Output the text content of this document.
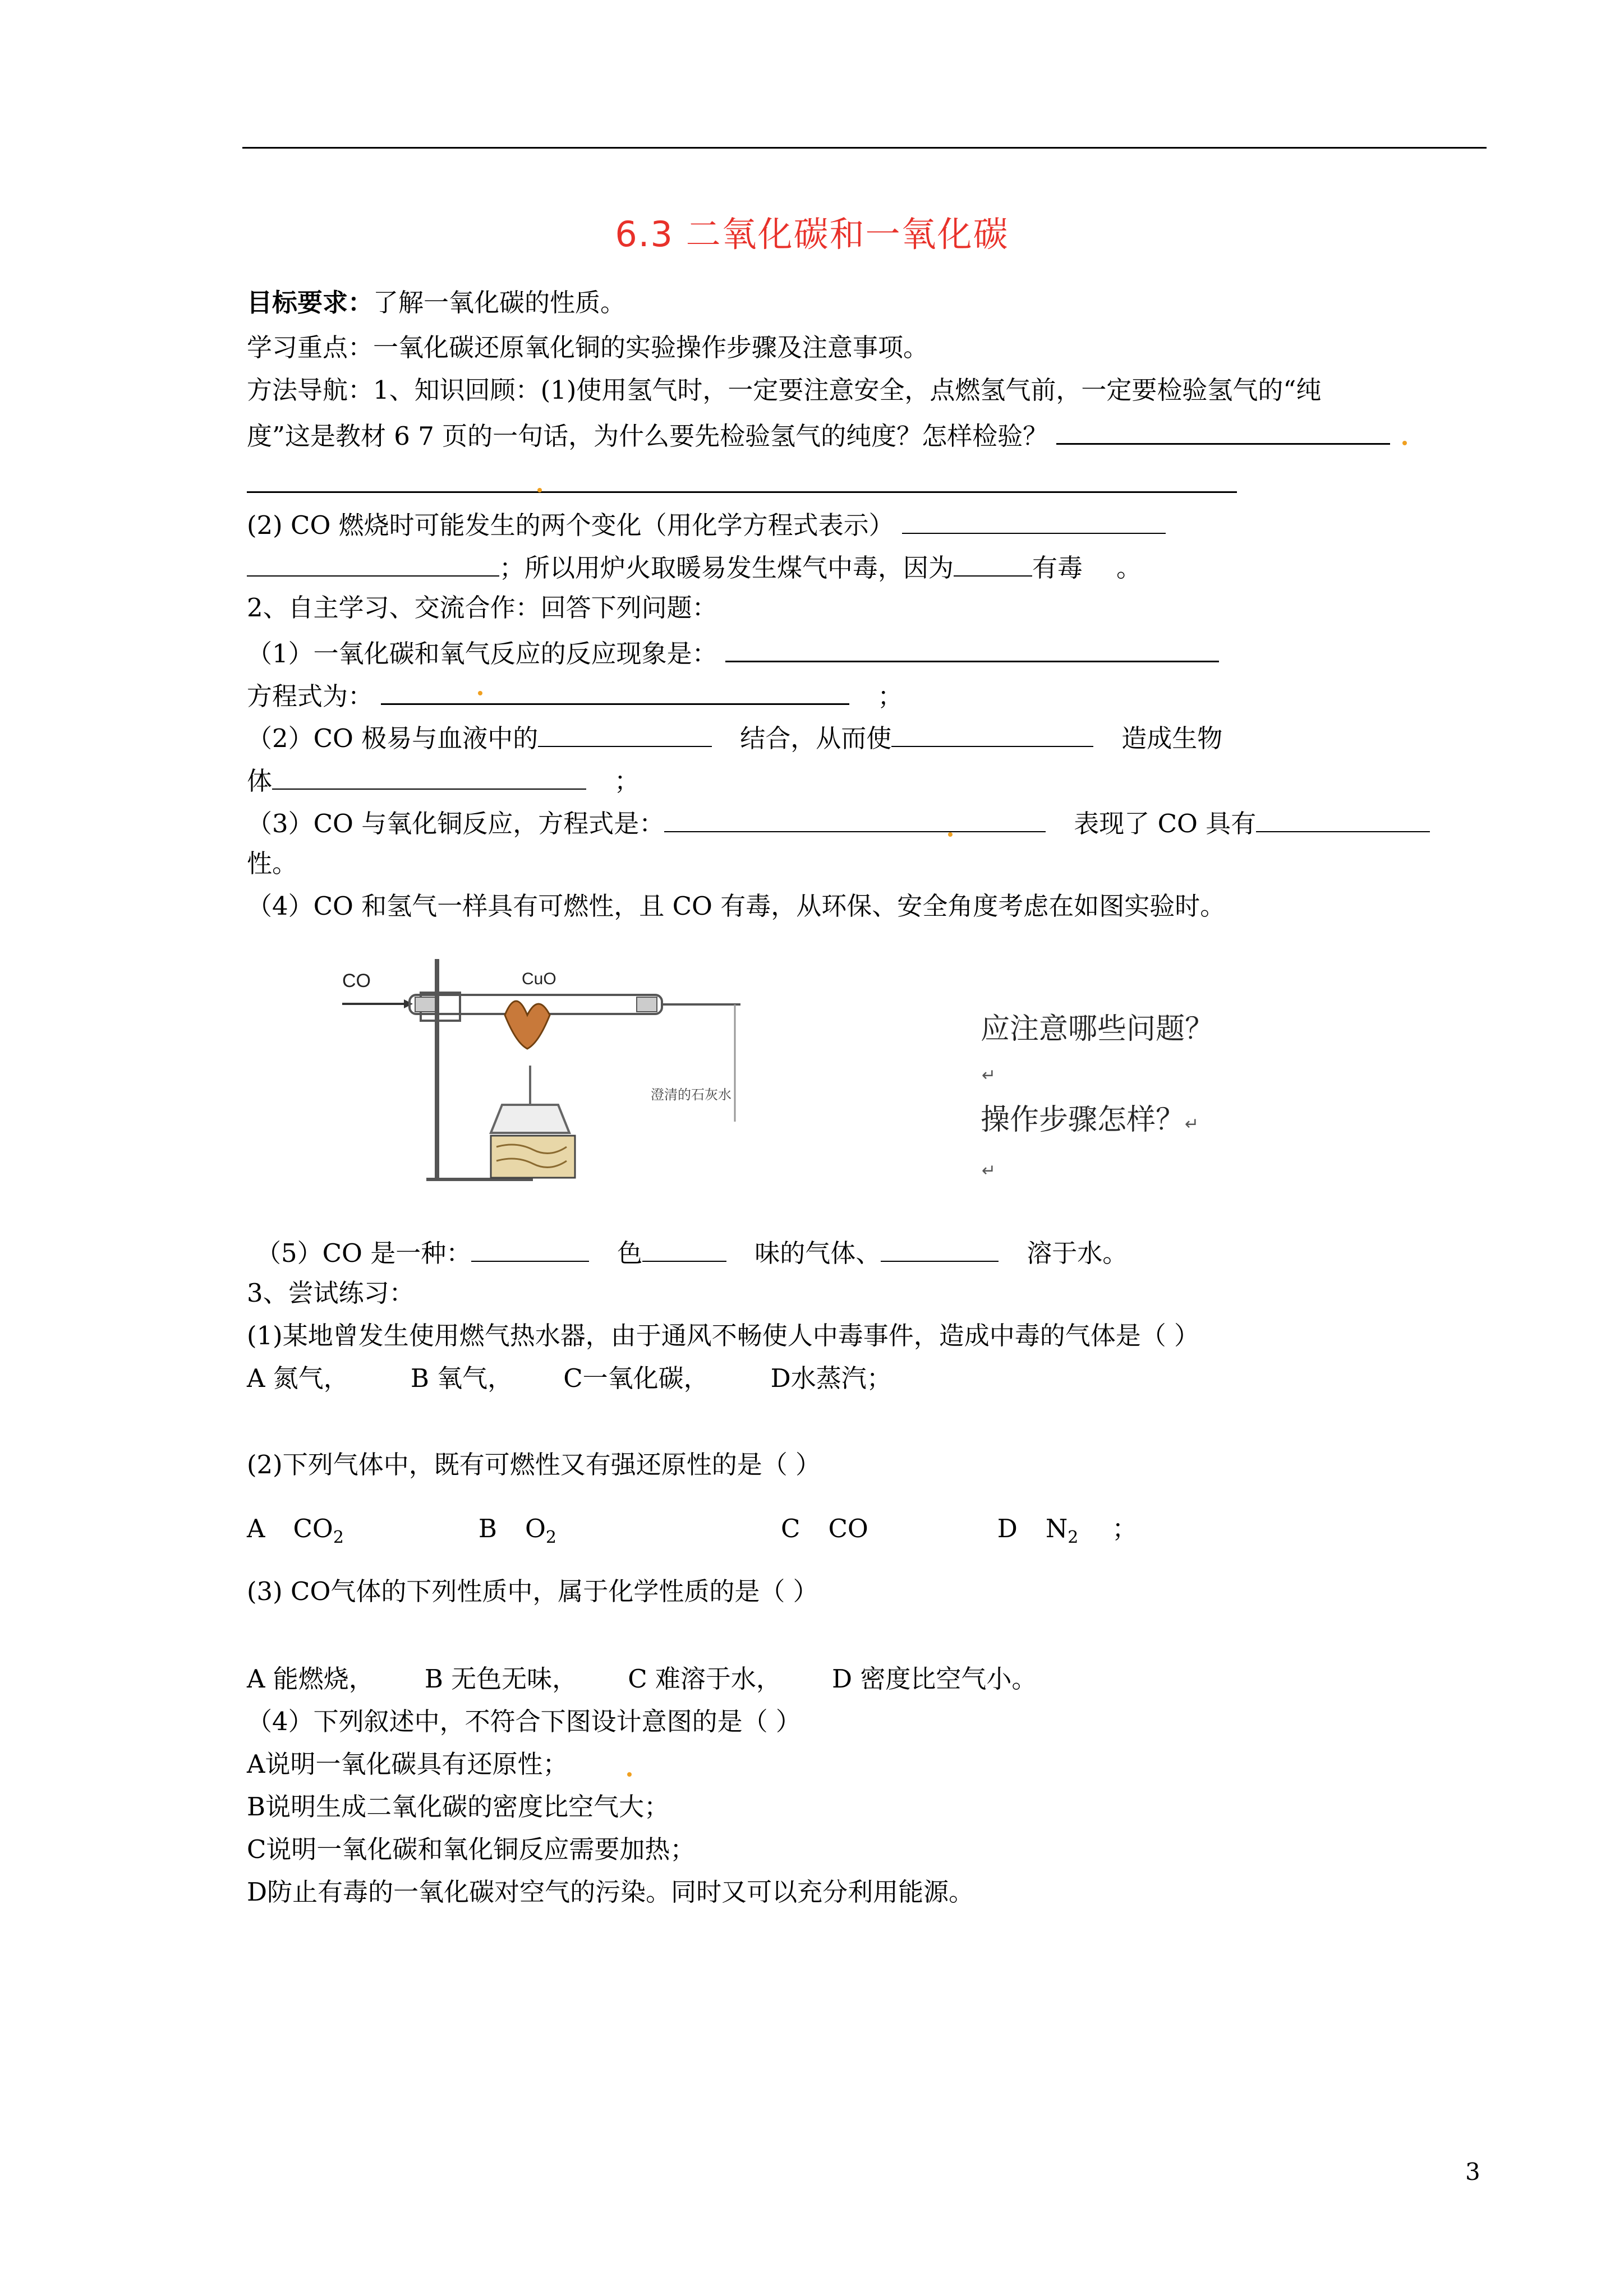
6.3 二氧化碳和一氧化碳
目标要求：了解一氧化碳的性质。
学习重点：一氧化碳还原氧化铜的实验操作步骤及注意事项。
方法导航：1、知识回顾：(1)使用氢气时，一定要注意安全，点燃氢气前，一定要检验氢气的“纯
度”这是教材 6 7 页的一句话，为什么要先检验氢气的纯度？怎样检验？
(2) CO 燃烧时可能发生的两个变化（用化学方程式表示）
；所以用炉火取暖易发生煤气中毒，因为	有毒 。
2、自主学习、交流合作：回答下列问题：
（1）一氧化碳和氧气反应的反应现象是：
方程式为：	；
（2）CO 极易与血液中的	结合，从而使	造成生物
体	；
（3）CO 与氧化铜反应，方程式是：	表现了 CO 具有
性。
（4）CO 和氢气一样具有可燃性，且 CO 有毒，从环保、安全角度考虑在如图实验时。
CO	CuO
澄清的石灰水
应注意哪些问题？
↵
操作步骤怎样？↵
↵
（5）CO 是一种：	色	味的气体、	溶于水。
3、尝试练习：
(1)某地曾发生使用燃气热水器，由于通风不畅使人中毒事件，造成中毒的气体是（ ）
A 氮气， B 氧气， C一氧化碳， D水蒸汽；
(2)下列气体中，既有可燃性又有强还原性的是（ ）
A $CO_2$	B $O_2$	C CO	D $N_2$ ；
(3) CO气体的下列性质中，属于化学性质的是（ ）
A 能燃烧， B 无色无味， C 难溶于水， D 密度比空气小。
（4）下列叙述中，不符合下图设计意图的是（ ）
A说明一氧化碳具有还原性；
B说明生成二氧化碳的密度比空气大；
C说明一氧化碳和氧化铜反应需要加热；
D防止有毒的一氧化碳对空气的污染。同时又可以充分利用能源。
3
